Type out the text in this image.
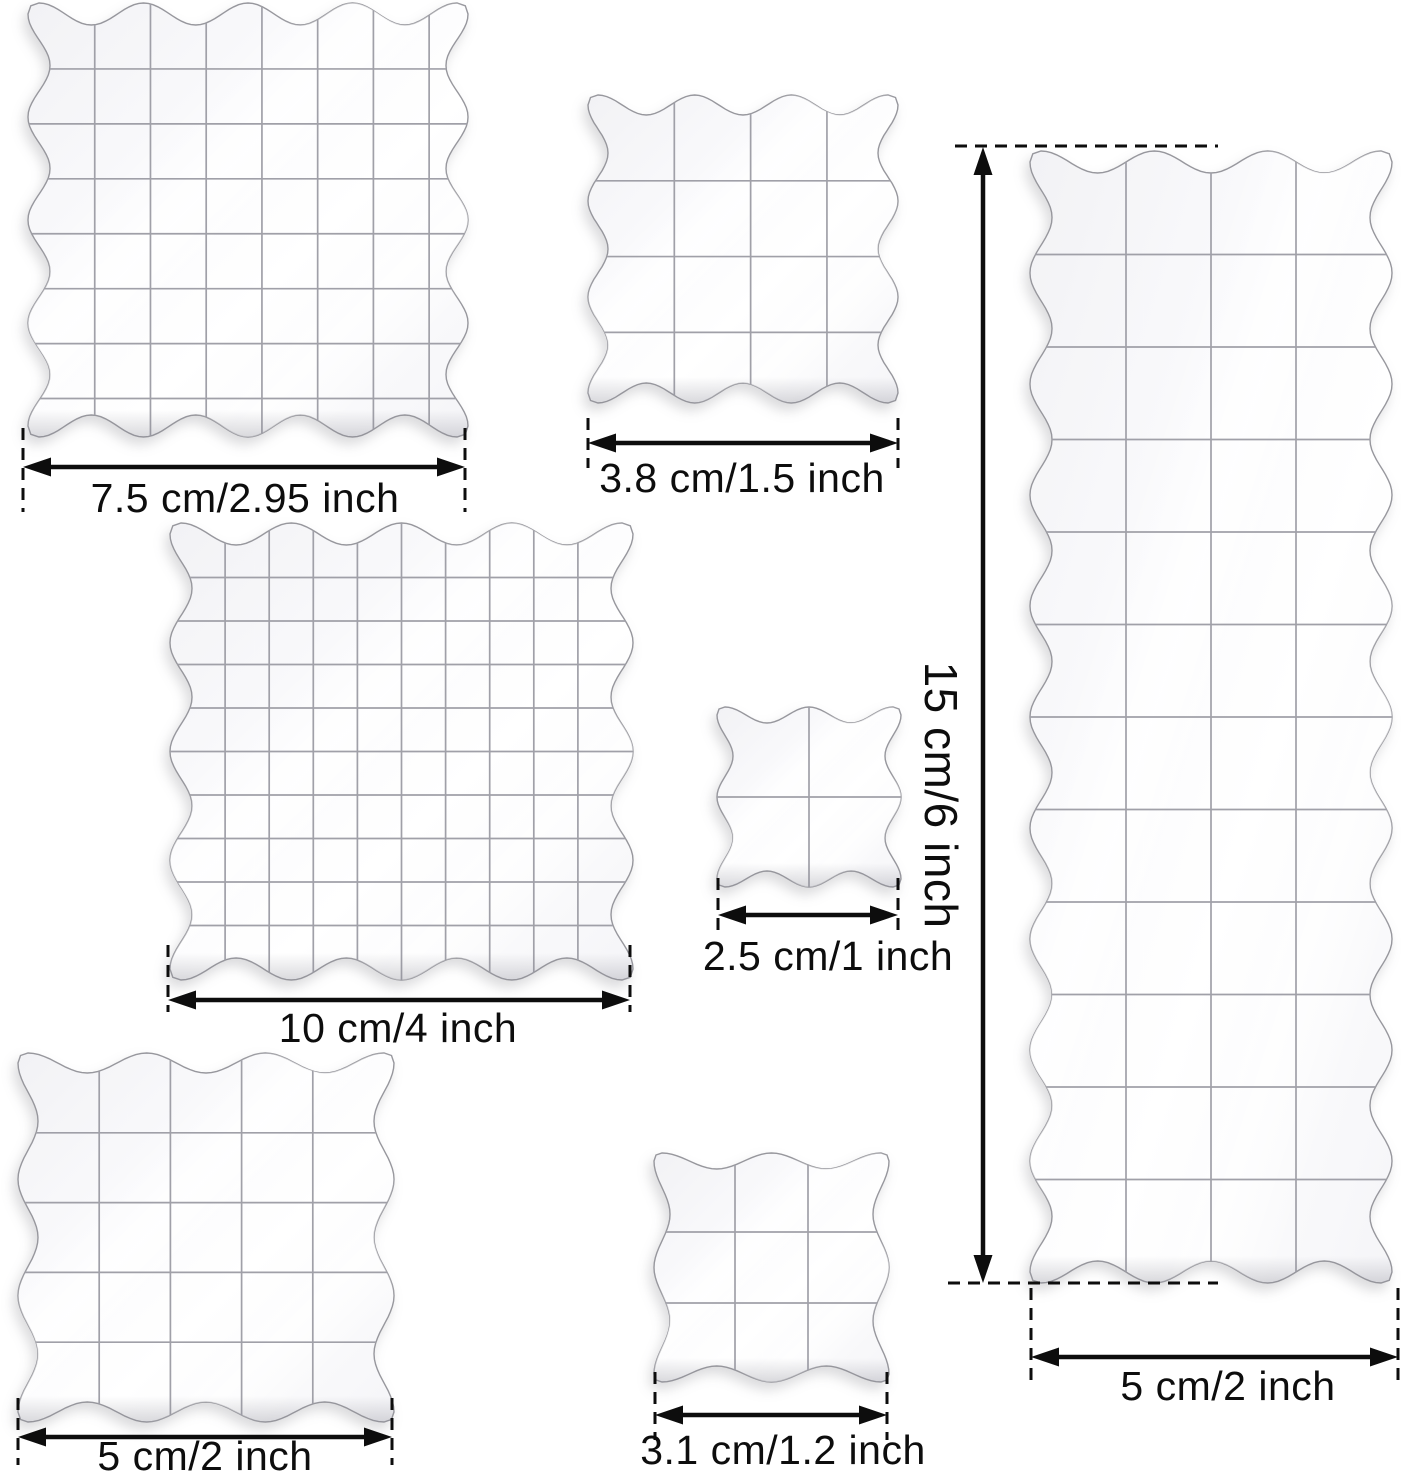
7.5 cm/2.95 inch	3.8 cm/1.5 inch
15 cm/6 inch
5 cm/2 inch
10 cm/4 inch
2.5 cm/1 inch
5 cm/2 inch	3.1 cm/1.2 inch
